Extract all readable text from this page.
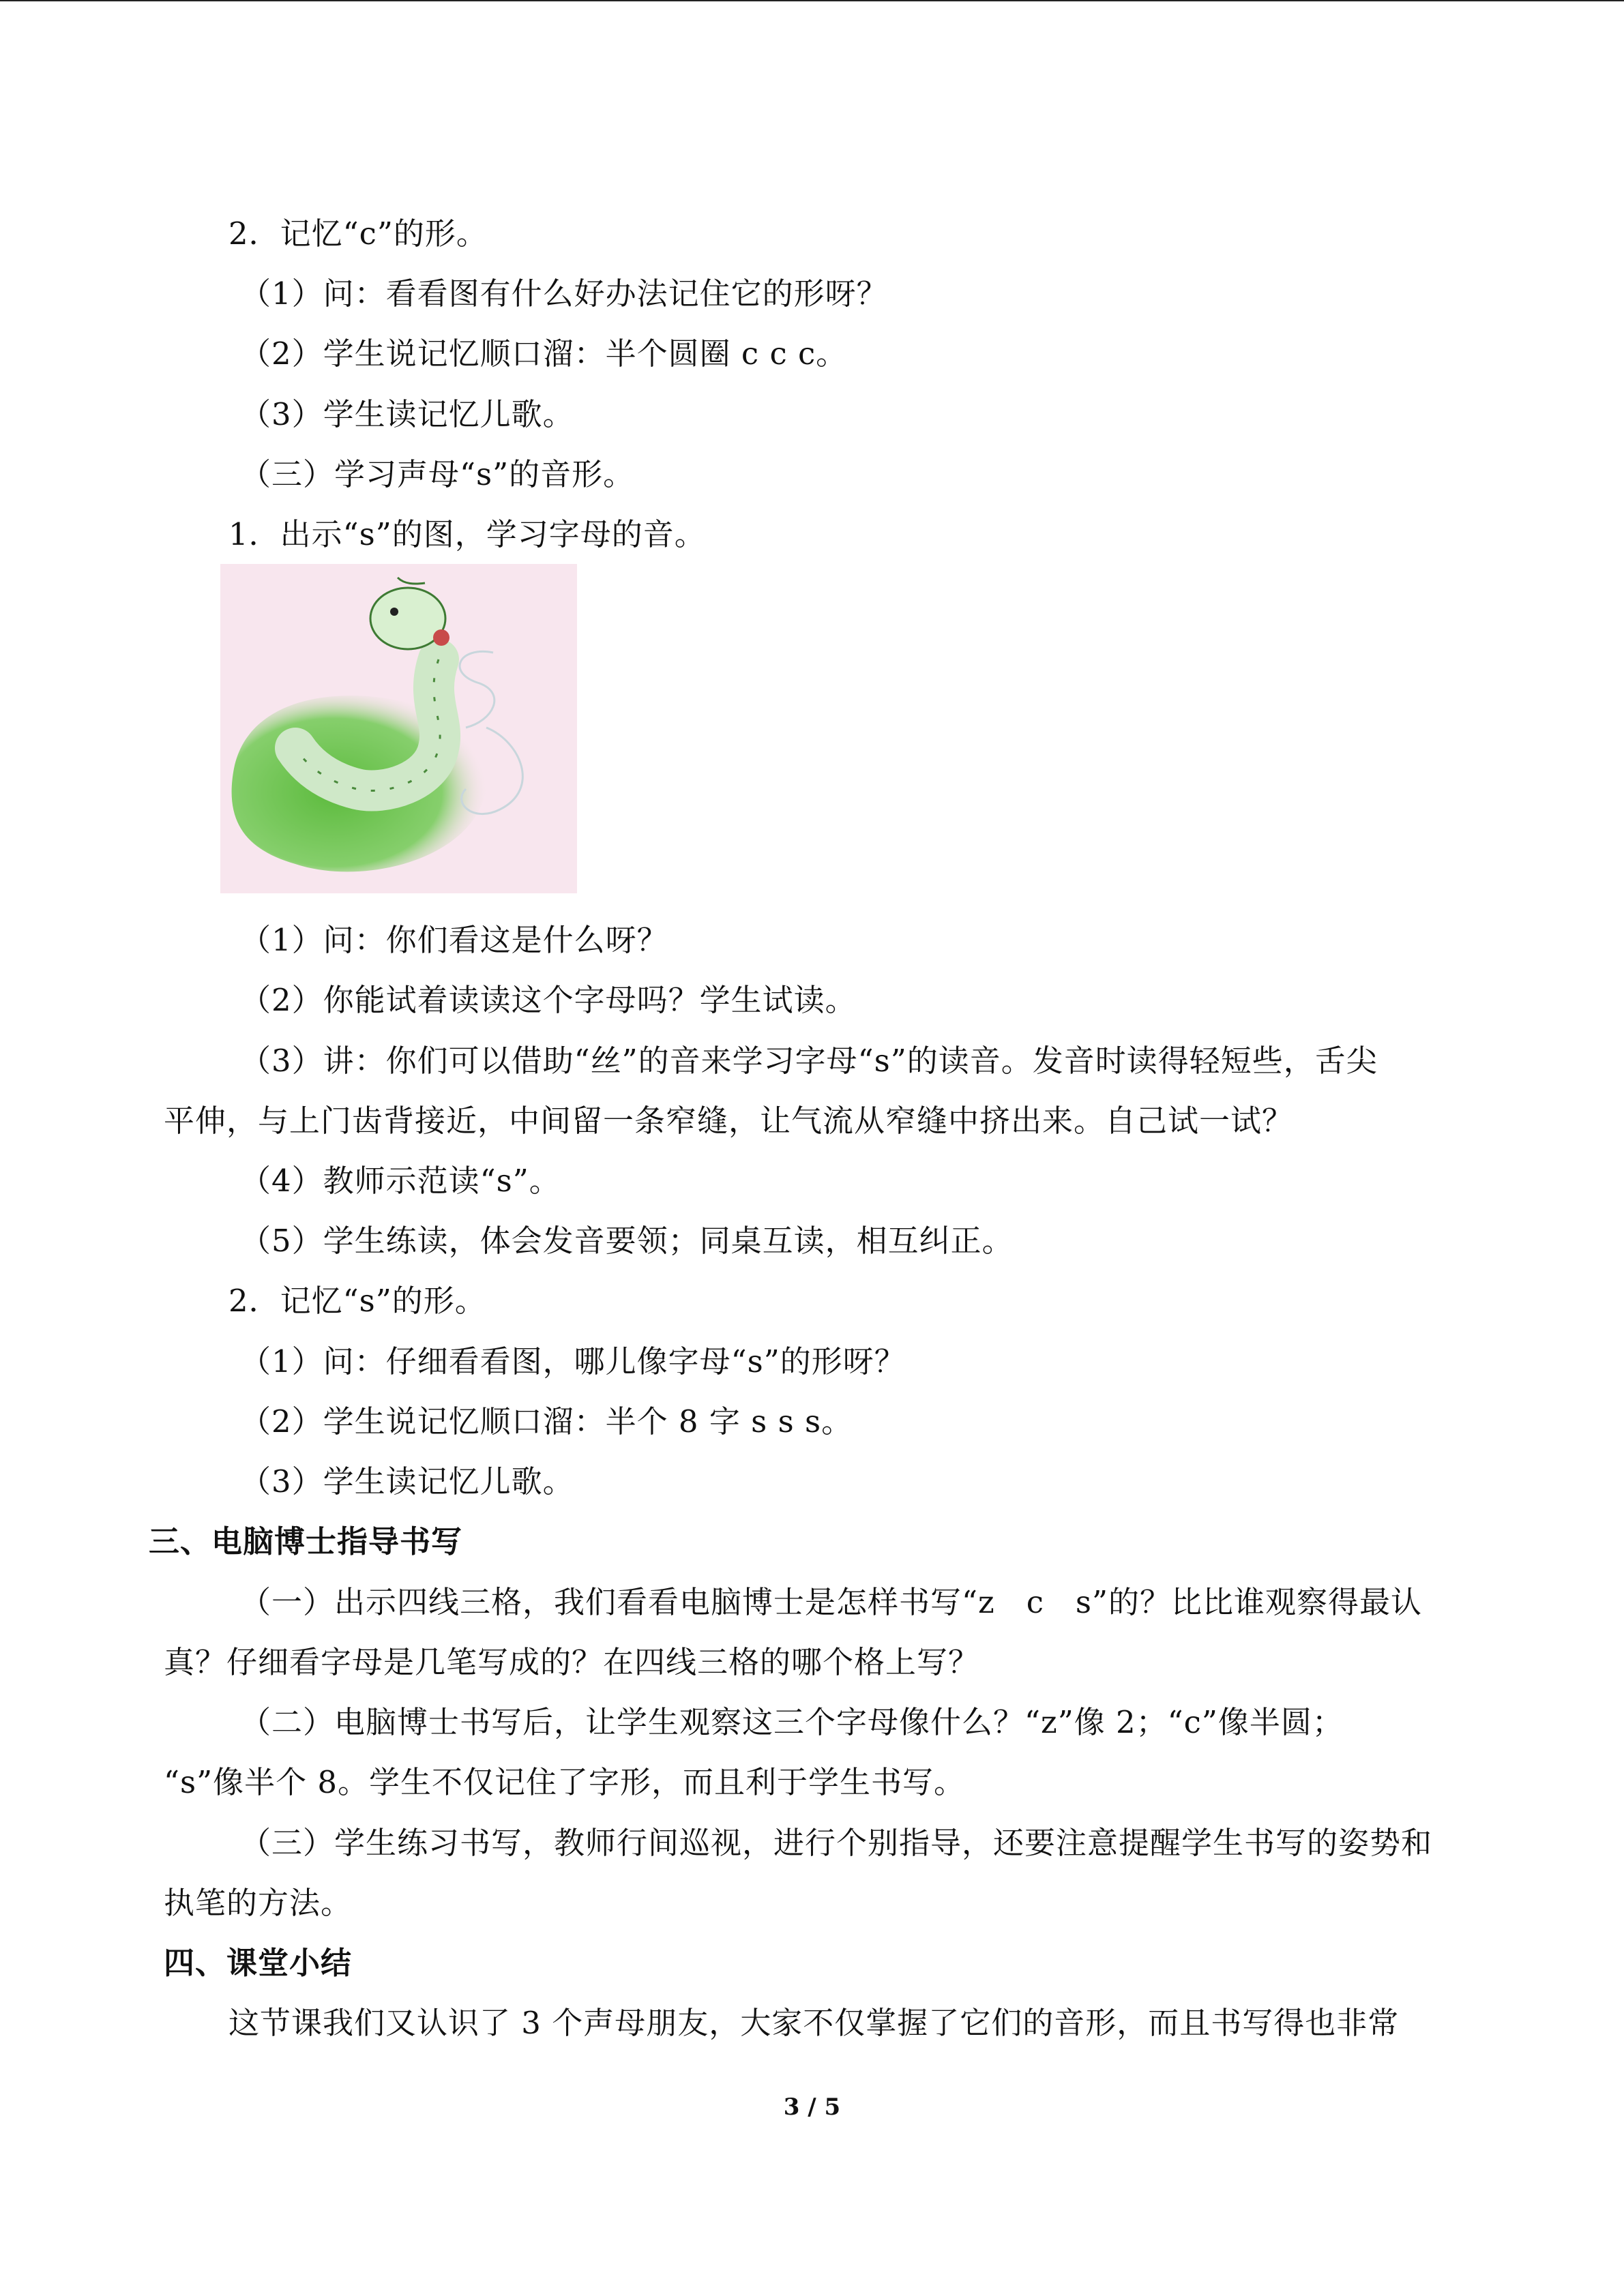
2．记忆“c”的形。
（1）问：看看图有什么好办法记住它的形呀？
（2）学生说记忆顺口溜：半个圆圈 c c c。
（3）学生读记忆儿歌。
（三）学习声母“s”的音形。
1．出示“s”的图，学习字母的音。
（1）问：你们看这是什么呀？
（2）你能试着读读这个字母吗？学生试读。
（3）讲：你们可以借助“丝”的音来学习字母“s”的读音。发音时读得轻短些，舌尖
平伸，与上门齿背接近，中间留一条窄缝，让气流从窄缝中挤出来。自己试一试？
（4）教师示范读“s”。
（5）学生练读，体会发音要领；同桌互读，相互纠正。
2．记忆“s”的形。
（1）问：仔细看看图，哪儿像字母“s”的形呀？
（2）学生说记忆顺口溜：半个 8 字 s s s。
（3）学生读记忆儿歌。
三、电脑博士指导书写
（一）出示四线三格，我们看看电脑博士是怎样书写“z　c　s”的？比比谁观察得最认
真？仔细看字母是几笔写成的？在四线三格的哪个格上写？
（二）电脑博士书写后，让学生观察这三个字母像什么？“z”像 2；“c”像半圆；
“s”像半个 8。学生不仅记住了字形，而且利于学生书写。
（三）学生练习书写，教师行间巡视，进行个别指导，还要注意提醒学生书写的姿势和
执笔的方法。
四、课堂小结
这节课我们又认识了 3 个声母朋友，大家不仅掌握了它们的音形，而且书写得也非常
3 / 5
